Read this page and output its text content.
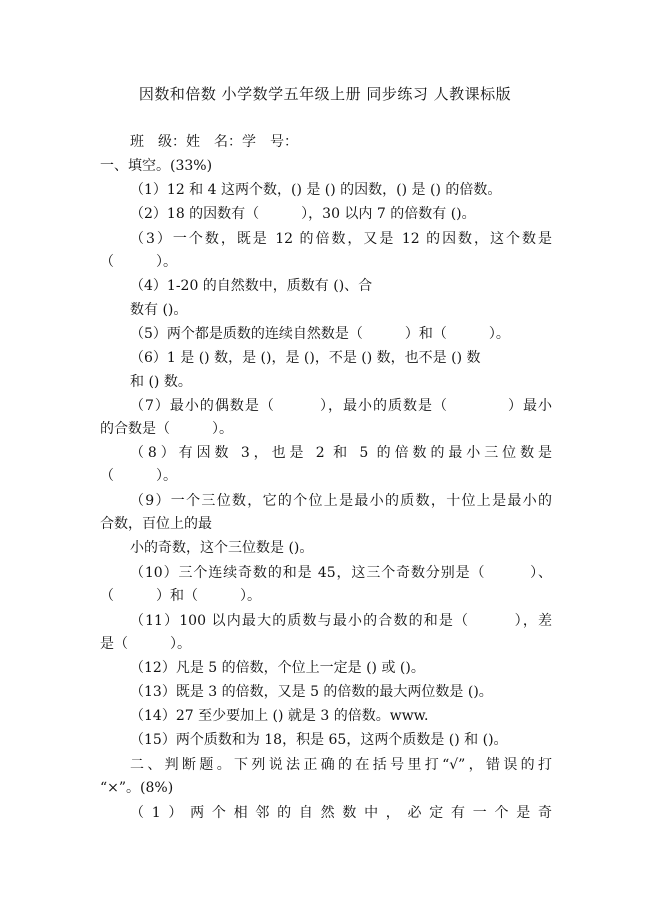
因数和倍数 小学数学五年级上册 同步练习 人教课标版
班　级：姓　名：学　号：
一、填空。(33%)
（1）12 和 4 这两个数，() 是 () 的因数，() 是 () 的倍数。
（2）18 的因数有（　　　），30 以内 7 的倍数有 ()。
（3）一个数，既是 12 的倍数，又是 12 的因数，这个数是
（　　　）。
（4）1-20 的自然数中，质数有 ()、合
数有 ()。
（5）两个都是质数的连续自然数是（　　　）和（　　　）。
（6）1 是 () 数，是 ()，是 ()，不是 () 数，也不是 () 数
和 () 数。
（7）最小的偶数是（　　　），最小的质数是（　　　　）最小
的合数是（　　　）。
（8）有因数 3，也是 2 和 5 的倍数的最小三位数是
（　　　）。
（9）一个三位数，它的个位上是最小的质数，十位上是最小的
合数，百位上的最
小的奇数，这个三位数是 ()。
（10）三个连续奇数的和是 45，这三个奇数分别是（　　　）、
（　　　）和（　　　）。
（11）100 以内最大的质数与最小的合数的和是（　　　），差
是（　　　）。
（12）凡是 5 的倍数，个位上一定是 () 或 ()。
（13）既是 3 的倍数，又是 5 的倍数的最大两位数是 ()。
（14）27 至少要加上 () 就是 3 的倍数。www.
（15）两个质数和为 18，积是 65，这两个质数是 () 和 ()。
二、判断题。下列说法正确的在括号里打“√”，错误的打
“×”。(8%)
（1）两个相邻的自然数中，必定有一个是奇
